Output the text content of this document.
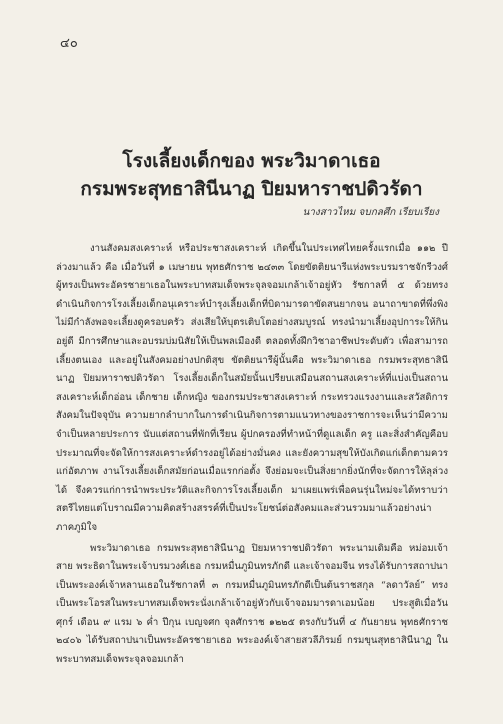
๔๐
โรงเลี้ยงเด็กของ พระวิมาดาเธอ
กรมพระสุทธาสินีนาฏ ปิยมหาราชปดิวรัดา
นางสาวไหม จบกลศึก เรียบเรียง

งานสังคมสงเคราะห์ หรือประชาสงเคราะห์ เกิดขึ้นในประเทศไทยครั้งแรกเมื่อ ๑๑๒ ปี ล่วงมาแล้ว คือ เมื่อวันที่ ๑ เมษายน พุทธศักราช ๒๔๓๓ โดยขัตติยนารีแห่งพระบรมราชจักรีวงศ์ ผู้ทรงเป็นพระอัครชายาเธอในพระบาทสมเด็จพระจุลจอมเกล้าเจ้าอยู่หัว รัชกาลที่ ๕ ด้วยทรงดำเนินกิจการโรงเลี้ยงเด็กอนุเคราะห์บำรุงเลี้ยงเด็กที่บิดามารดาขัดสนยากจน อนาถาขาดที่พึ่งพิง ไม่มีกำลังพอจะเลี้ยงดูครอบครัว ส่งเสียให้บุตรเติบโตอย่างสมบูรณ์ ทรงนำมาเลี้ยงอุปการะให้กินอยู่ดี มีการศึกษาและอบรมบ่มนิสัยให้เป็นพลเมืองดี ตลอดทั้งฝึกวิชาอาชีพประดับตัว เพื่อสามารถเลี้ยงตนเอง และอยู่ในสังคมอย่างปกติสุข ขัตติยนารีผู้นั้นคือ พระวิมาดาเธอ กรมพระสุทธาสินีนาฏ ปิยมหาราชปดิวรัดา โรงเลี้ยงเด็กในสมัยนั้นเปรียบเสมือนสถานสงเคราะห์ที่แบ่งเป็นสถานสงเคราะห์เด็กอ่อน เด็กชาย เด็กหญิง ของกรมประชาสงเคราะห์ กระทรวงแรงงานและสวัสดิการสังคมในปัจจุบัน ความยากลำบากในการดำเนินกิจการตามแนวทางของราชการจะเห็นว่ามีความจำเป็นหลายประการ นับแต่สถานที่พักที่เรียน ผู้ปกครองที่ทำหน้าที่ดูแลเด็ก ครู และสิ่งสำคัญคือบประมาณที่จะจัดให้การสงเคราะห์ดำรงอยู่ได้อย่างมั่นคง และยังความสุขให้บังเกิดแก่เด็กตามควรแก่อัตภาพ งานโรงเลี้ยงเด็กสมัยก่อนเมื่อแรกก่อตั้ง จึงย่อมจะเป็นสิ่งยากยิ่งนักที่จะจัดการให้ลุล่วงได้ จึงควรแก่การนำพระประวัติและกิจการโรงเลี้ยงเด็ก มาเผยแพร่เพื่อคนรุ่นใหม่จะได้ทราบว่า สตรีไทยแต่โบราณมีความคิดสร้างสรรค์ที่เป็นประโยชน์ต่อสังคมและส่วนรวมมาแล้วอย่างน่าภาคภูมิใจ

พระวิมาดาเธอ กรมพระสุทธาสินีนาฏ ปิยมหาราชปดิวรัดา พระนามเดิมคือ หม่อมเจ้าสาย พระธิดาในพระเจ้าบรมวงศ์เธอ กรมหมื่นภูมินทรภักดี และเจ้าจอมจีน ทรงได้รับการสถาปนาเป็นพระองค์เจ้าหลานเธอในรัชกาลที่ ๓ กรมหมื่นภูมินทรภักดีเป็นต้นราชสกุล “ลดาวัลย์” ทรงเป็นพระโอรสในพระบาทสมเด็จพระนั่งเกล้าเจ้าอยู่หัวกับเจ้าจอมมารดาเอมน้อย ประสูติเมื่อวันศุกร์ เดือน ๙ แรม ๖ ค่ำ ปีกุน เบญจศก จุลศักราช ๑๒๒๕ ตรงกับวันที่ ๔ กันยายน พุทธศักราช ๒๔๐๖ ได้รับสถาปนาเป็นพระอัครชายาเธอ พระองค์เจ้าสายสวลีภิรมย์ กรมขุนสุทธาสินีนาฏ ในพระบาทสมเด็จพระจุลจอมเกล้า
